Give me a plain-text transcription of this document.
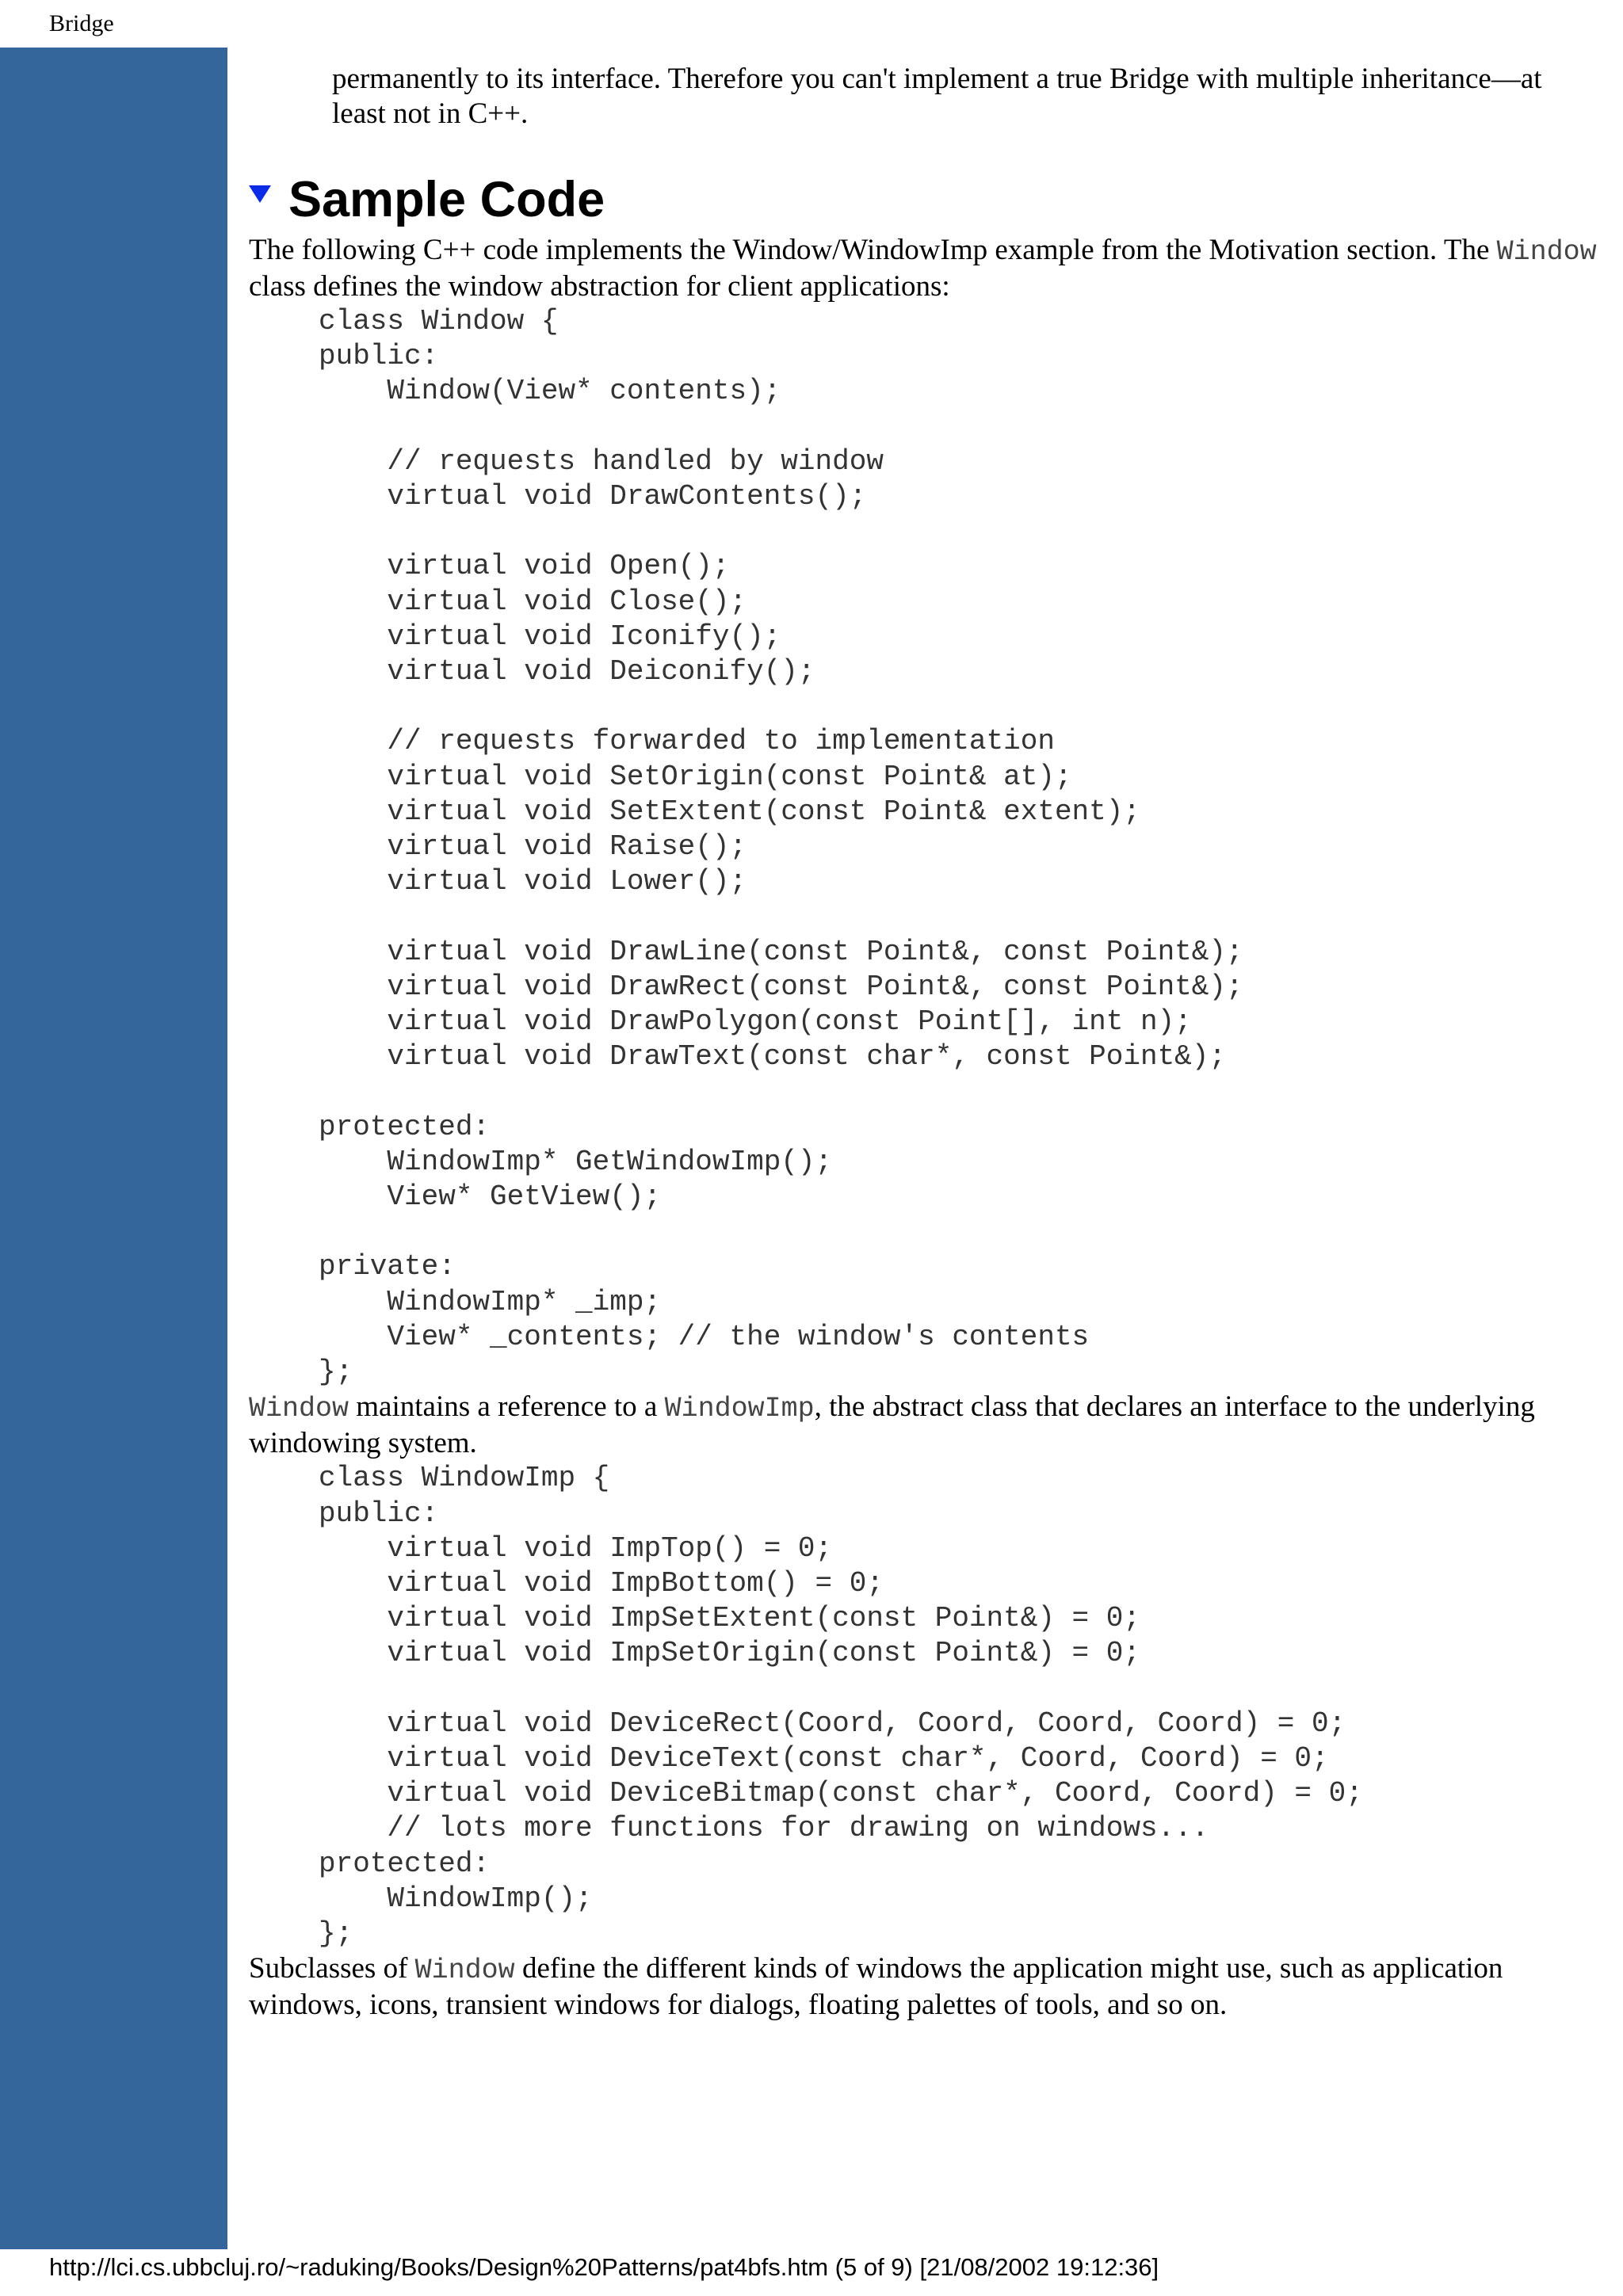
Bridge

permanently to its interface. Therefore you can't implement a true Bridge with multiple inheritance—at least not in C++.

Sample Code

The following C++ code implements the Window/WindowImp example from the Motivation section. The Window class defines the window abstraction for client applications:

class Window {
public:
Window(View* contents);

// requests handled by window
virtual void DrawContents();

virtual void Open();
virtual void Close();
virtual void Iconify();
virtual void Deiconify();

// requests forwarded to implementation
virtual void SetOrigin(const Point& at);
virtual void SetExtent(const Point& extent);
virtual void Raise();
virtual void Lower();

virtual void DrawLine(const Point&, const Point&);
virtual void DrawRect(const Point&, const Point&);
virtual void DrawPolygon(const Point[], int n);
virtual void DrawText(const char*, const Point&);

protected:
WindowImp* GetWindowImp();
View* GetView();

private:
WindowImp* _imp;
View* _contents; // the window's contents
};

Window maintains a reference to a WindowImp, the abstract class that declares an interface to the underlying windowing system.

class WindowImp {
public:
virtual void ImpTop() = 0;
virtual void ImpBottom() = 0;
virtual void ImpSetExtent(const Point&) = 0;
virtual void ImpSetOrigin(const Point&) = 0;

virtual void DeviceRect(Coord, Coord, Coord, Coord) = 0;
virtual void DeviceText(const char*, Coord, Coord) = 0;
virtual void DeviceBitmap(const char*, Coord, Coord) = 0;
// lots more functions for drawing on windows...
protected:
WindowImp();
};

Subclasses of Window define the different kinds of windows the application might use, such as application windows, icons, transient windows for dialogs, floating palettes of tools, and so on.

http://lci.cs.ubbcluj.ro/~raduking/Books/Design%20Patterns/pat4bfs.htm (5 of 9) [21/08/2002 19:12:36]
